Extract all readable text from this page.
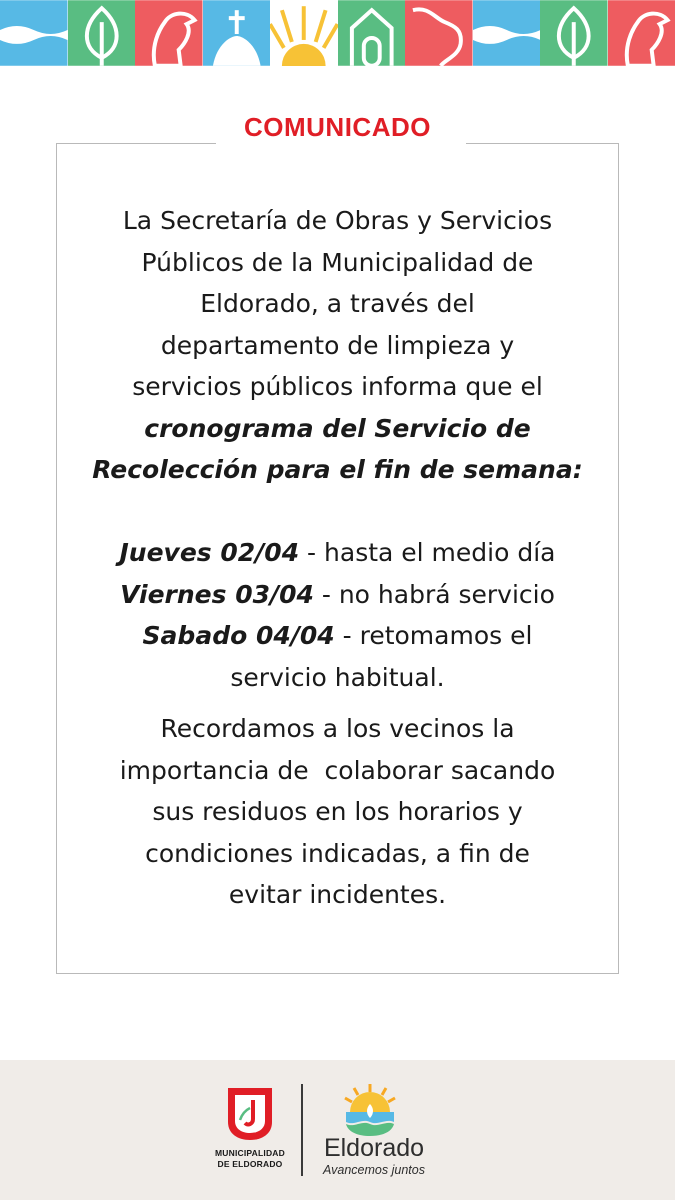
COMUNICADO

La Secretaría de Obras y Servicios

Públicos de la Municipalidad de

Eldorado, a través del

departamento de limpieza y

servicios públicos informa que el

cronograma del Servicio de

Recolección para el fin de semana:

Jueves 02/04 - hasta el medio día

Viernes 03/04 - no habrá servicio

Sabado 04/04 - retomamos el

servicio habitual.

Recordamos a los vecinos la

importancia de  colaborar sacando

sus residuos en los horarios y

condiciones indicadas, a fin de

evitar incidentes.

MUNICIPALIDAD
DE ELDORADO
Eldorado
Avancemos juntos
